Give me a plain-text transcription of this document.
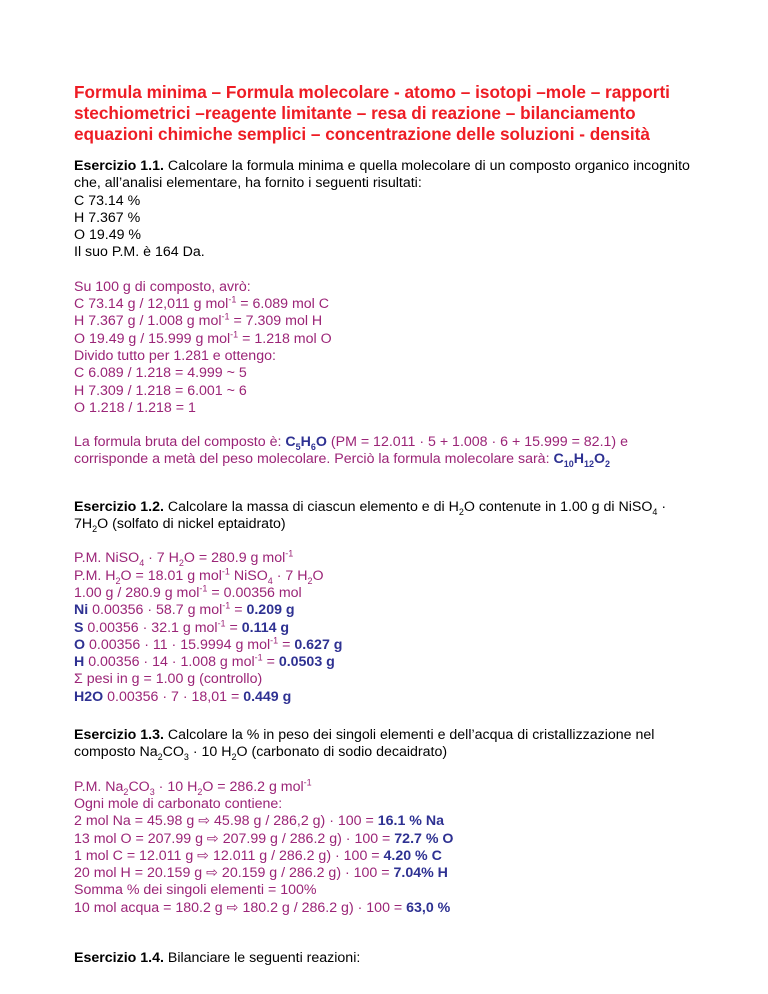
Formula minima – Formula molecolare - atomo – isotopi –mole – rapporti stechiometrici –reagente limitante – resa di reazione – bilanciamento equazioni chimiche semplici – concentrazione delle soluzioni - densità
Esercizio 1.1. Calcolare la formula minima e quella molecolare di un composto organico incognito che, all’analisi elementare, ha fornito i seguenti risultati:
C 73.14 %
H 7.367 %
O 19.49 %
Il suo P.M. è 164 Da.
Su 100 g di composto, avrò:
C 73.14 g / 12,011 g mol$^{-1}$ = 6.089 mol C
H 7.367 g / 1.008 g mol$^{-1}$ = 7.309 mol H
O 19.49 g / 15.999 g mol$^{-1}$ = 1.218 mol O
Divido tutto per 1.281 e ottengo:
C 6.089 / 1.218 = 4.999 ~ 5
H 7.309 / 1.218 = 6.001 ~ 6
O 1.218 / 1.218 = 1
La formula bruta del composto è: $C_5H_6O$ (PM = 12.011 · 5 + 1.008 · 6 + 15.999 = 82.1) e
corrisponde a metà del peso molecolare. Perciò la formula molecolare sarà: $C_{10}H_{12}O_2$
Esercizio 1.2. Calcolare la massa di ciascun elemento e di $H_2O$ contenute in 1.00 g di NiSO$_4$ ·
$7H_2O$ (solfato di nickel eptaidrato)
P.M. NiSO$_4$ · 7 $H_2O = 280.9$ g mol$^{-1}$
P.M. $H_2O = 18.01$ g mol$^{-1}$ NiSO$_4$ · 7 $H_2O$
1.00 g / 280.9 g mol$^{-1}$ = 0.00356 mol
Ni 0.00356 · 58.7 g mol$^{-1}$ = 0.209 g
S 0.00356 · 32.1 g mol$^{-1}$ = 0.114 g
O 0.00356 · 11 · 15.9994 g mol$^{-1}$ = 0.627 g
H 0.00356 · 14 · 1.008 g mol$^{-1}$ = 0.0503 g
Σ pesi in g = 1.00 g (controllo)
H2O 0.00356 · 7 · 18,01 = 0.449 g
Esercizio 1.3. Calcolare la % in peso dei singoli elementi e dell’acqua di cristallizzazione nel
composto $Na_2CO_3 \cdot 10$ $H_2O$ (carbonato di sodio decaidrato)
P.M. $Na_2CO_3 \cdot 10$ $H_2O = 286.2$ g mol$^{-1}$
Ogni mole di carbonato contiene:
2 mol Na = 45.98 g ⇨ 45.98 g / 286,2 g) · 100 = 16.1 % Na
13 mol O = 207.99 g ⇨ 207.99 g / 286.2 g) · 100 = 72.7 % O
1 mol C = 12.011 g ⇨ 12.011 g / 286.2 g) · 100 = 4.20 % C
20 mol H = 20.159 g ⇨ 20.159 g / 286.2 g) · 100 = 7.04% H
Somma % dei singoli elementi = 100%
10 mol acqua = 180.2 g ⇨ 180.2 g / 286.2 g) · 100 = 63,0 %
Esercizio 1.4. Bilanciare le seguenti reazioni:
